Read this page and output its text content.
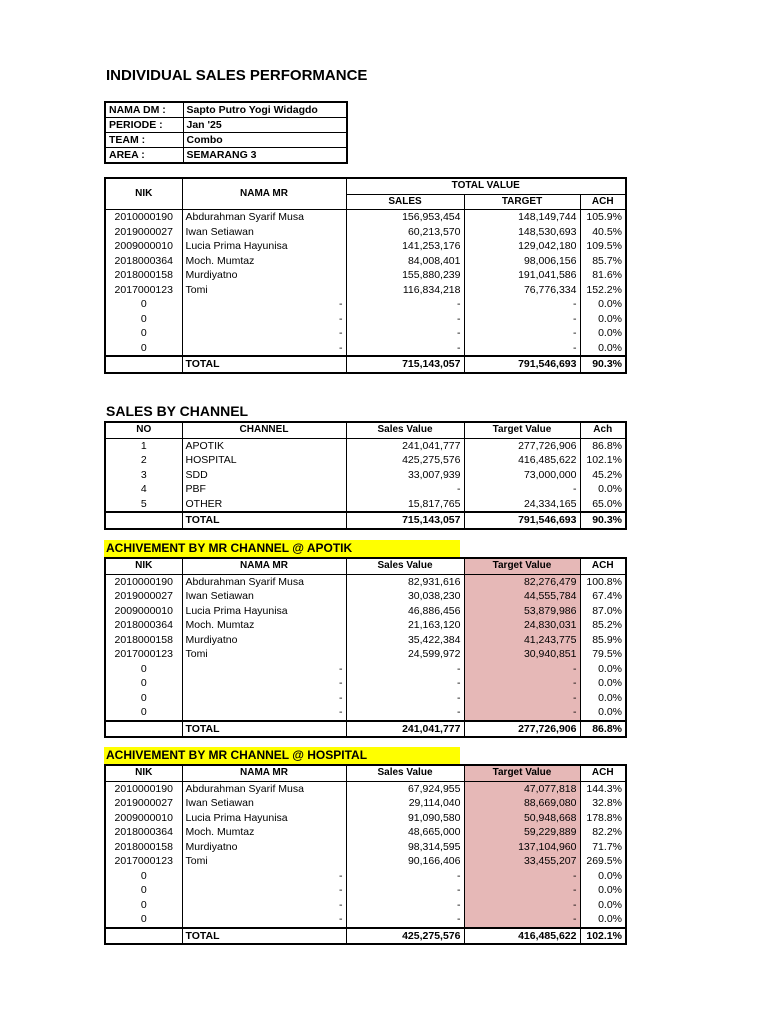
INDIVIDUAL SALES PERFORMANCE
NAMA DM :	Sapto Putro Yogi Widagdo
PERIODE :	Jan '25
TEAM :	Combo
AREA :	SEMARANG 3
NIK	NAMA MR		TOTAL VALUE		
			SALES	TARGET	ACH
2010000190	Abdurahman Syarif Musa		156,953,454	148,149,744	105.9%
2019000027	Iwan Setiawan		60,213,570	148,530,693	40.5%
2009000010	Lucia Prima Hayunisa		141,253,176	129,042,180	109.5%
2018000364	Moch. Mumtaz		84,008,401	98,006,156	85.7%
2018000158	Murdiyatno		155,880,239	191,041,586	81.6%
2017000123	Tomi		116,834,218	76,776,334	152.2%
0		-	-	-	0.0%
0		-	-	-	0.0%
0		-	-	-	0.0%
0		-	-	-	0.0%
	TOTAL		715,143,057	791,546,693	90.3%
SALES BY CHANNEL
NO	CHANNEL	Sales Value	Target Value	Ach
1	APOTIK	241,041,777	277,726,906	86.8%
2	HOSPITAL	425,275,576	416,485,622	102.1%
3	SDD	33,007,939	73,000,000	45.2%
4	PBF	-	-	0.0%
5	OTHER	15,817,765	24,334,165	65.0%
	TOTAL	715,143,057	791,546,693	90.3%
ACHIVEMENT BY MR CHANNEL @ APOTIK
NIK	NAMA MR		Sales Value	Target Value	ACH
2010000190	Abdurahman Syarif Musa		82,931,616	82,276,479	100.8%
2019000027	Iwan Setiawan		30,038,230	44,555,784	67.4%
2009000010	Lucia Prima Hayunisa		46,886,456	53,879,986	87.0%
2018000364	Moch. Mumtaz		21,163,120	24,830,031	85.2%
2018000158	Murdiyatno		35,422,384	41,243,775	85.9%
2017000123	Tomi		24,599,972	30,940,851	79.5%
0		-	-	-	0.0%
0		-	-	-	0.0%
0		-	-	-	0.0%
0		-	-	-	0.0%
	TOTAL		241,041,777	277,726,906	86.8%
ACHIVEMENT BY MR CHANNEL @ HOSPITAL
NIK	NAMA MR		Sales Value	Target Value	ACH
2010000190	Abdurahman Syarif Musa		67,924,955	47,077,818	144.3%
2019000027	Iwan Setiawan		29,114,040	88,669,080	32.8%
2009000010	Lucia Prima Hayunisa		91,090,580	50,948,668	178.8%
2018000364	Moch. Mumtaz		48,665,000	59,229,889	82.2%
2018000158	Murdiyatno		98,314,595	137,104,960	71.7%
2017000123	Tomi		90,166,406	33,455,207	269.5%
0		-	-	-	0.0%
0		-	-	-	0.0%
0		-	-	-	0.0%
0		-	-	-	0.0%
	TOTAL		425,275,576	416,485,622	102.1%
